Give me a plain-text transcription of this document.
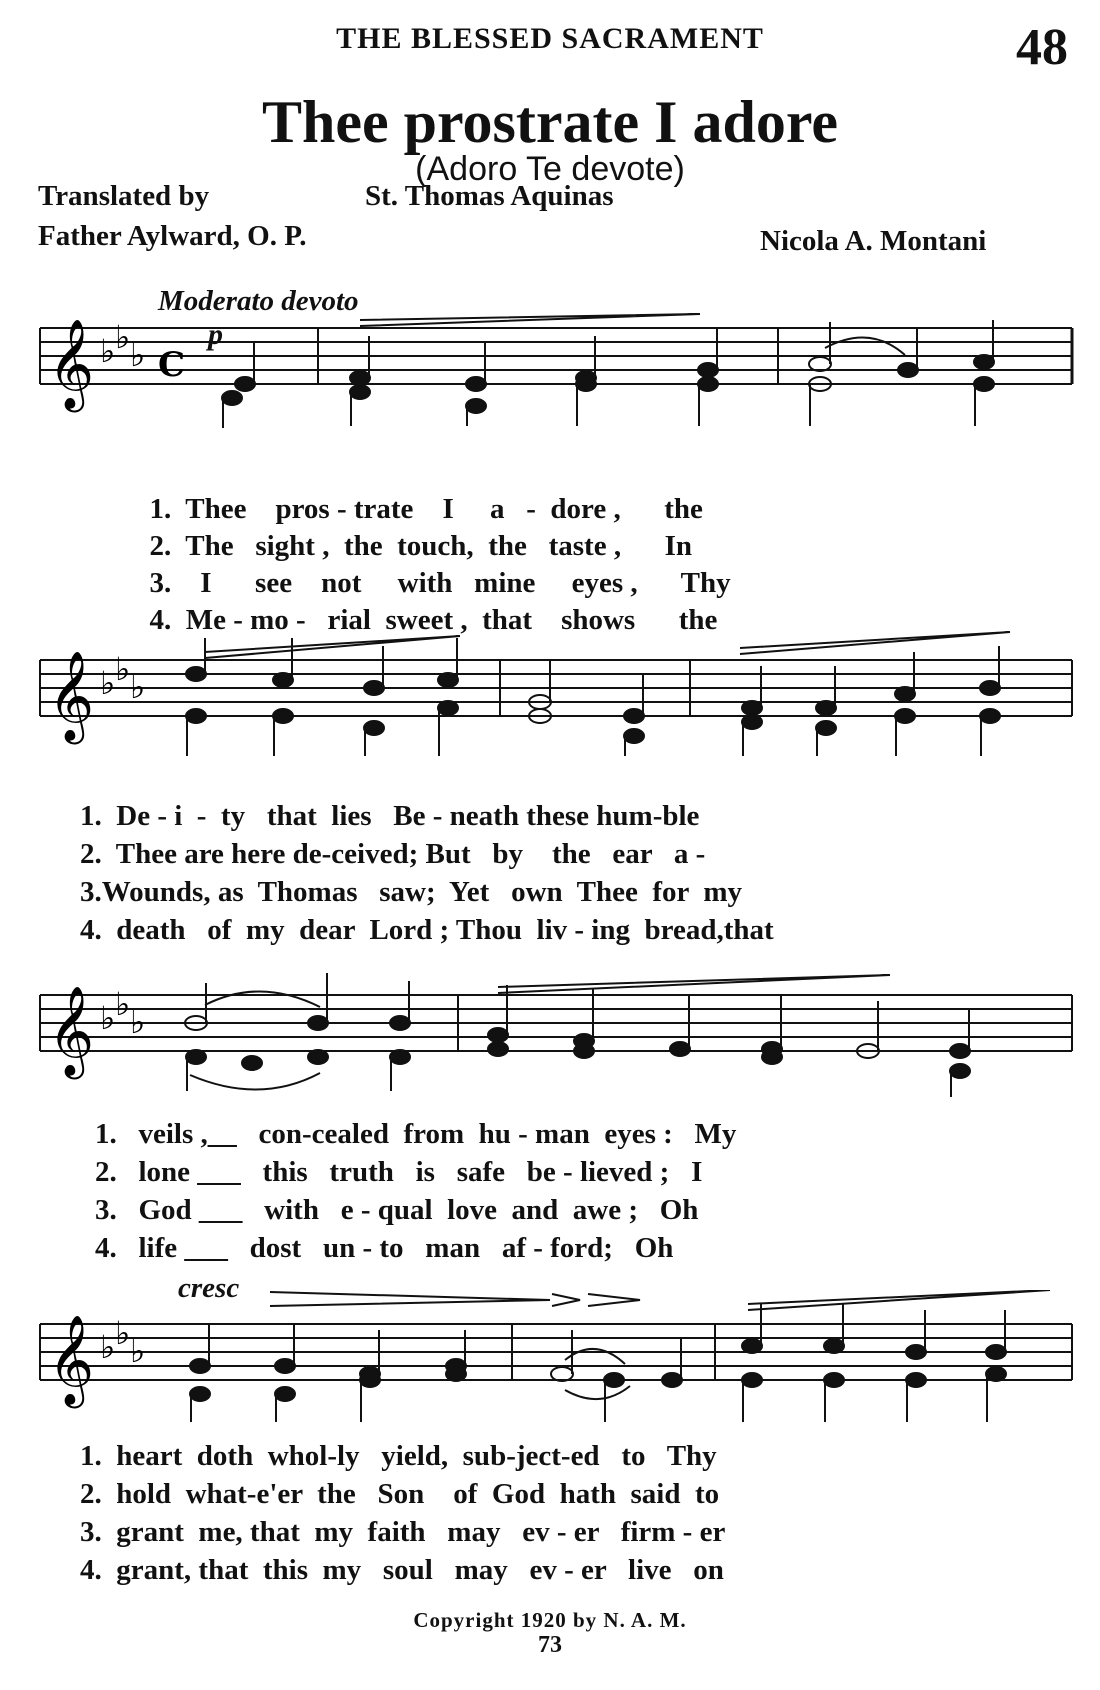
THE BLESSED SACRAMENT	48
Thee prostrate I adore
(Adoro Te devote)
Translated by
Father Aylward, O. P.
St. Thomas Aquinas
Nicola A. Montani
Moderato devoto
p
𝄞 ♭ ♭ ♭ C

1. Thee pros - trate I a - dore , the

2. The sight , the touch, the taste , In

3. I see not with mine eyes , Thy

4. Me - mo - rial sweet , that shows the

𝄞 ♭ ♭ ♭
1. De - i  -  ty   that  lies   Be - neath these hum-ble
2. Thee are here de-ceived; But   by    the   ear   a -
3.Wounds, as  Thomas   saw;  Yet   own  Thee  for  my
4. death   of  my  dear  Lord ; Thou  liv - ing  bread,that
𝄞 ♭ ♭ ♭
1. veils ,__   con-cealed  from  hu - man  eyes :   My
2. lone ___   this   truth   is   safe   be - lieved ;   I
3. God ___   with   e - qual  love  and  awe ;   Oh
4. life ___   dost   un - to   man   af - ford;   Oh
cresc
𝄞 ♭ ♭ ♭
1. heart  doth  whol-ly   yield,  sub-ject-ed   to   Thy
2. hold  what-e'er  the   Son    of  God  hath  said  to
3. grant  me, that  my  faith   may   ev - er   firm - er
4. grant, that  this  my   soul   may   ev - er   live   on
Copyright 1920 by N. A. M.
73
